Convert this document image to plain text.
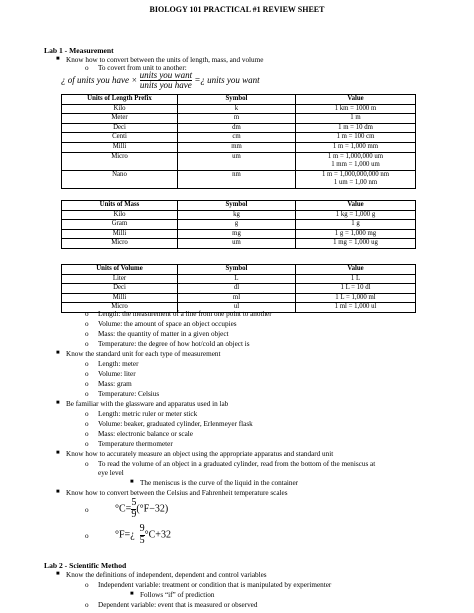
BIOLOGY 101 PRACTICAL #1 REVIEW SHEET
Lab 1 - Measurement
■ Know how to convert between the units of length, mass, and volume
o To covert from unit to another:
¿ of units you have × $\frac{\text{units you want}}{\text{units you have}}$ =¿ units you want
Units of Length Prefix	Symbol	Value
Kilo	k	1 km = 1000 m
Meter	m	1 m
Deci	dm	1 m = 10 dm
Centi	cm	1 m = 100 cm
Milli	mm	1 m = 1,000 mm
Micro	um	1 m = 1,000,000 um
1 mm = 1,000 um
Nano	nm	1 m = 1,000,000,000 nm
1 um = 1,00 nm
Units of Mass	Symbol	Value
Kilo	kg	1 kg = 1,000 g
Gram	g	1 g
Milli	mg	1 g = 1,000 mg
Micro	um	1 mg = 1,000 ug
Units of Volume	Symbol	Value
Liter	L	1 L
Deci	dl	1 L = 10 dl
Milli	ml	1 L = 1,000 ml
Micro	ul	1 ml = 1,000 ul
o Length: the measurement of a line from one point to another
o Volume: the amount of space an object occupies
o Mass: the quantity of matter in a given object
o Temperature: the degree of how hot/cold an object is
■ Know the standard unit for each type of measurement
o Length: meter
o Volume: liter
o Mass: gram
o Temperature: Celsius
■ Be familiar with the glassware and apparatus used in lab
o Length: metric ruler or meter stick
o Volume: beaker, graduated cylinder, Erlenmeyer flask
o Mass: electronic balance or scale
o Temperature thermometer
■ Know how to accurately measure an object using the appropriate apparatus and standard unit
o To read the volume of an object in a graduated cylinder, read from the bottom of the meniscus at
eye level
■ The meniscus is the curve of the liquid in the container
■ Know how to convert between the Celsius and Fahrenheit temperature scales
o	$^\circ C= \frac{5}{9} (^\circ F-32)$
o	°F=¿ $\frac{9}{5} ^\circ C+32$
Lab 2 - Scientific Method
■ Know the definitions of independent, dependent and control variables
o Independent variable: treatment or condition that is manipulated by experimenter
■ Follows “if” of prediction
o Dependent variable: event that is measured or observed
